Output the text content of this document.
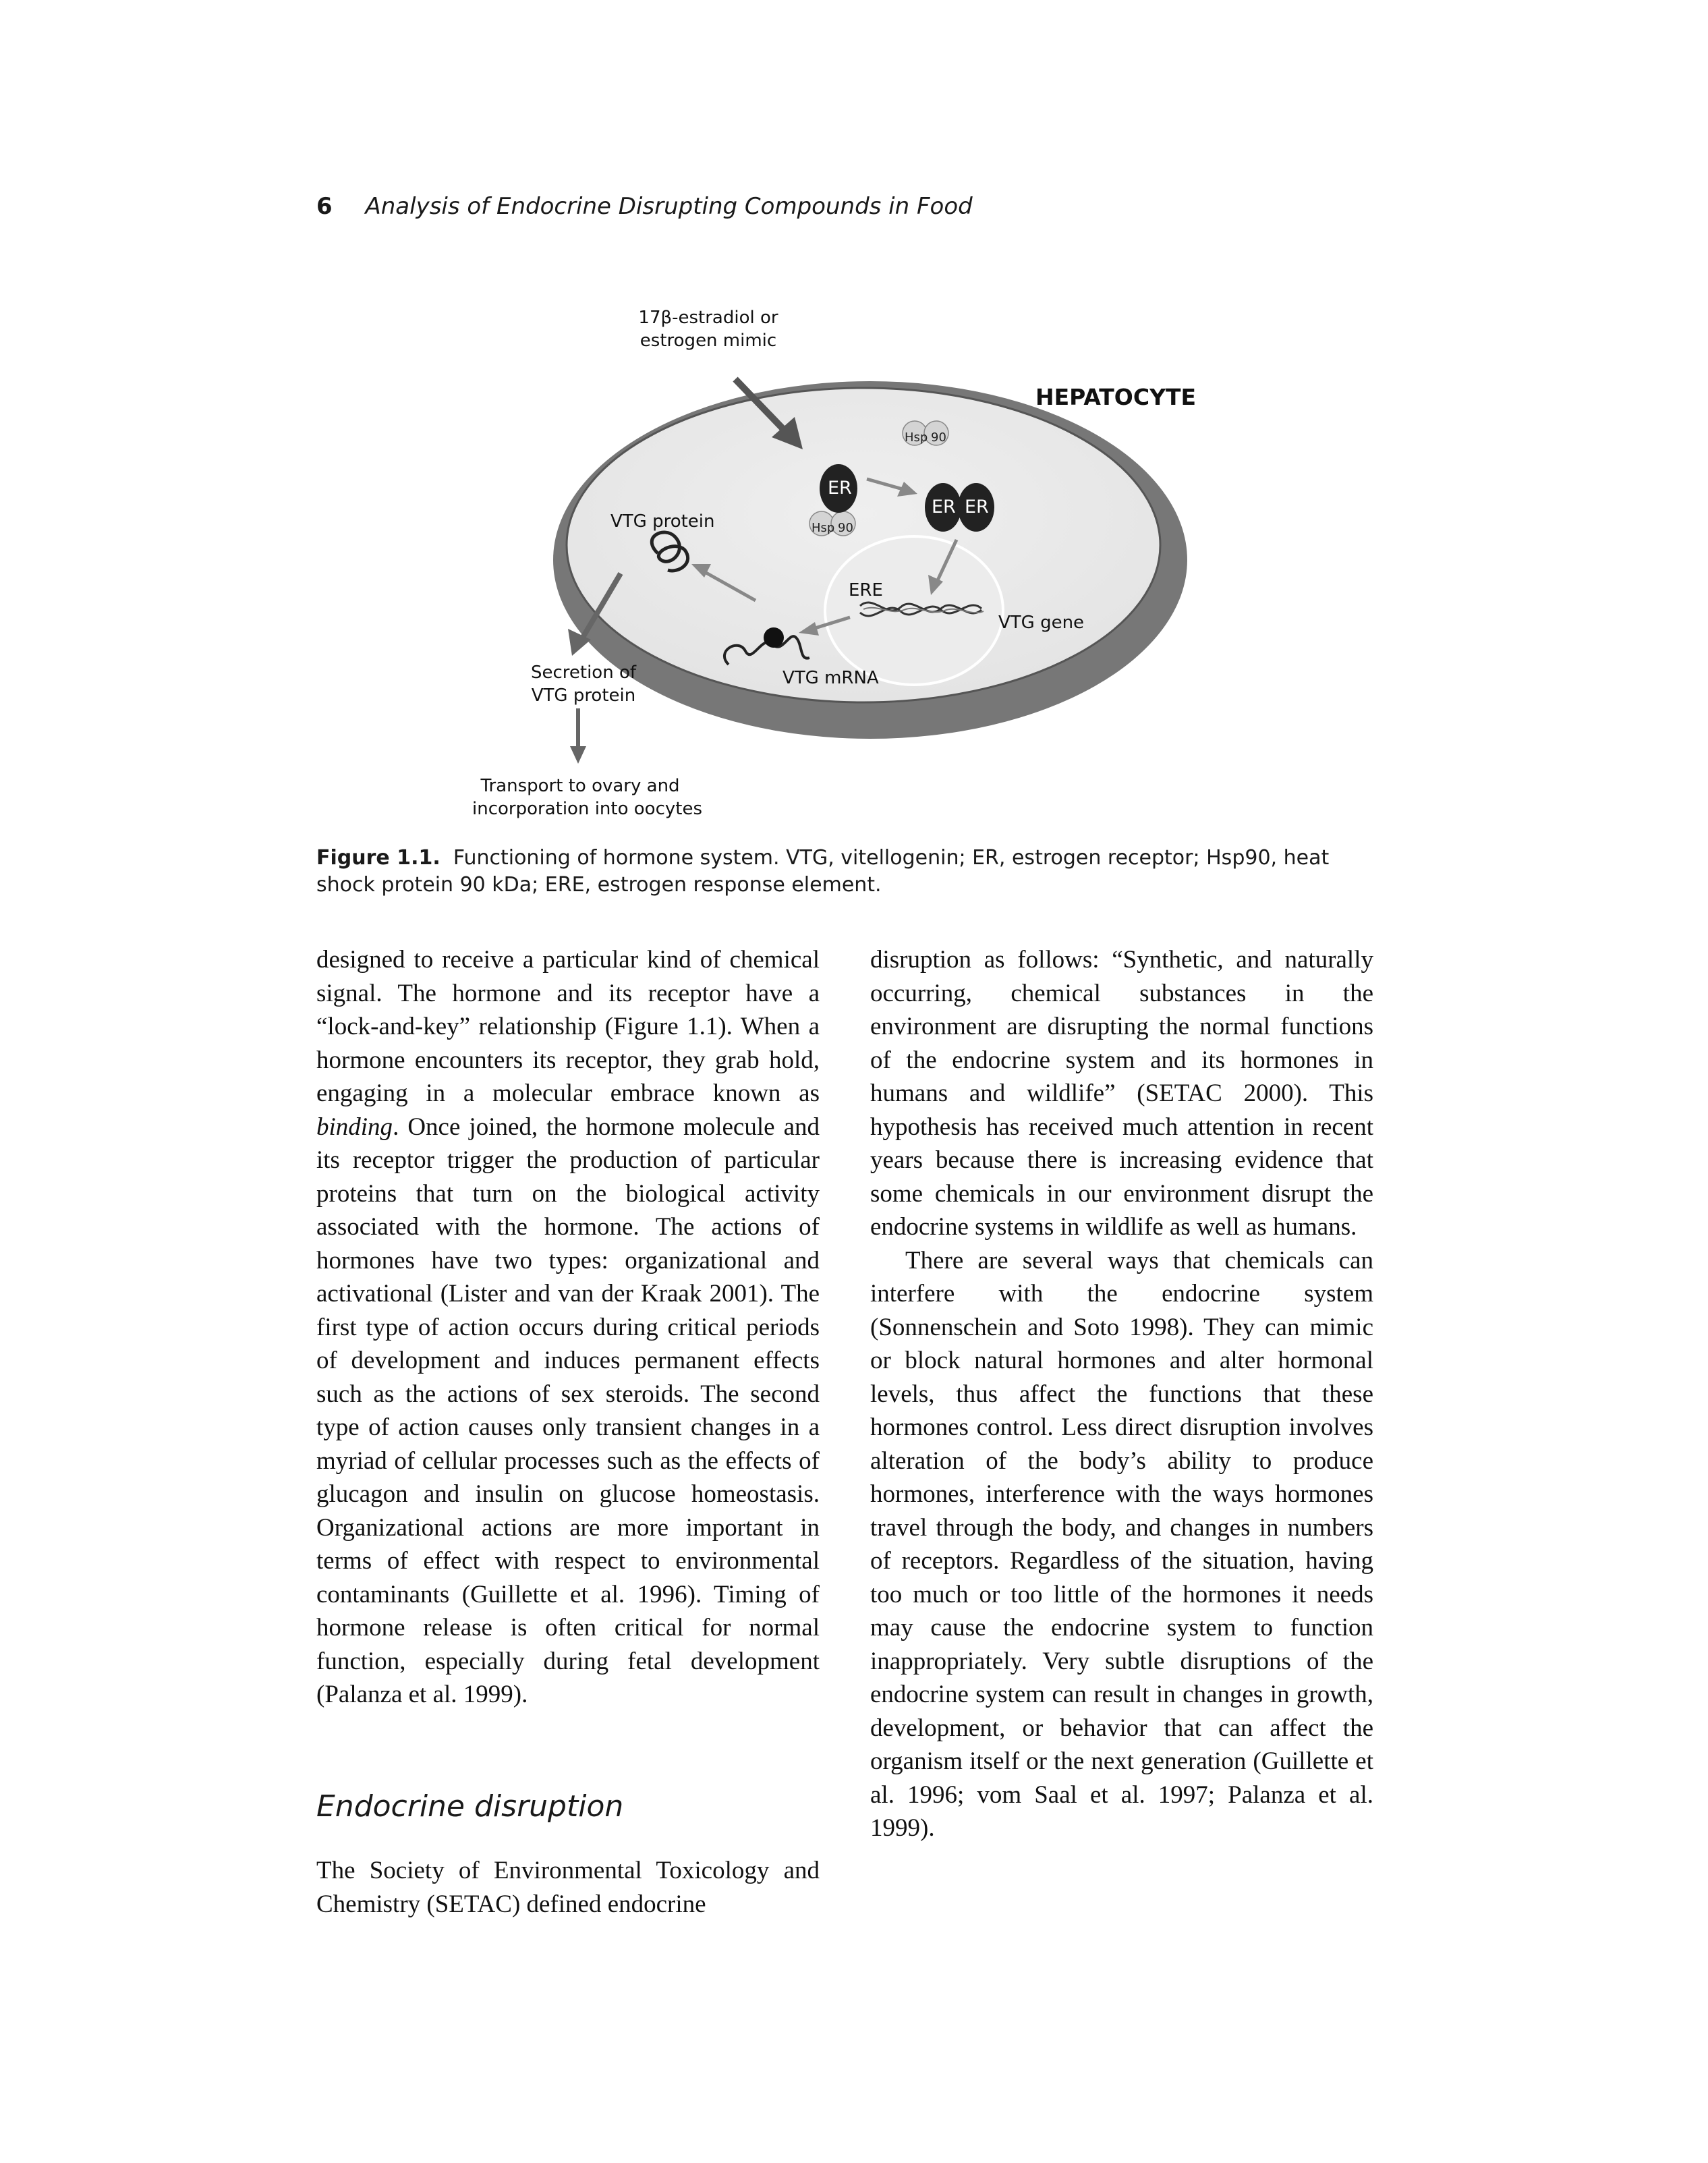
6 Analysis of Endocrine Disrupting Compounds in Food
17β-estradiol or
estrogen mimic
HEPATOCYTE
Hsp 90
Hsp 90
ER
ER ER
VTG protein
ERE
VTG gene
VTG mRNA
Secretion of
VTG protein
Transport to ovary and
incorporation into oocytes
Figure 1.1. Functioning of hormone system. VTG, vitellogenin; ER, estrogen receptor; Hsp90, heat shock protein 90 kDa; ERE, estrogen response element.

designed to receive a particular kind of chemical signal. The hormone and its receptor have a “lock-and-key” relationship (Figure 1.1). When a hormone encounters its receptor, they grab hold, engaging in a molecular embrace known as binding. Once joined, the hormone molecule and its receptor trigger the production of particular proteins that turn on the biological activity associated with the hormone. The actions of hormones have two types: organizational and activational (Lister and van der Kraak 2001). The first type of action occurs during critical periods of development and induces permanent effects such as the actions of sex steroids. The second type of action causes only transient changes in a myriad of cellular processes such as the effects of glucagon and insulin on glucose homeostasis. Organizational actions are more important in terms of effect with respect to environmental contaminants (Guillette et al. 1996). Timing of hormone release is often critical for normal function, especially during fetal development (Palanza et al. 1999).

Endocrine disruption

The Society of Environmental Toxicology and Chemistry (SETAC) defined endocrine

disruption as follows: “Synthetic, and naturally occurring, chemical substances in the environment are disrupting the normal functions of the endocrine system and its hormones in humans and wildlife” (SETAC 2000). This hypothesis has received much attention in recent years because there is increasing evidence that some chemicals in our environment disrupt the endocrine systems in wildlife as well as humans.

There are several ways that chemicals can interfere with the endocrine system (Sonnenschein and Soto 1998). They can mimic or block natural hormones and alter hormonal levels, thus affect the functions that these hormones control. Less direct disruption involves alteration of the body’s ability to produce hormones, interference with the ways hormones travel through the body, and changes in numbers of receptors. Regardless of the situation, having too much or too little of the hormones it needs may cause the endocrine system to function inappropriately. Very subtle disruptions of the endocrine system can result in changes in growth, development, or behavior that can affect the organism itself or the next generation (Guillette et al. 1996; vom Saal et al. 1997; Palanza et al. 1999).
